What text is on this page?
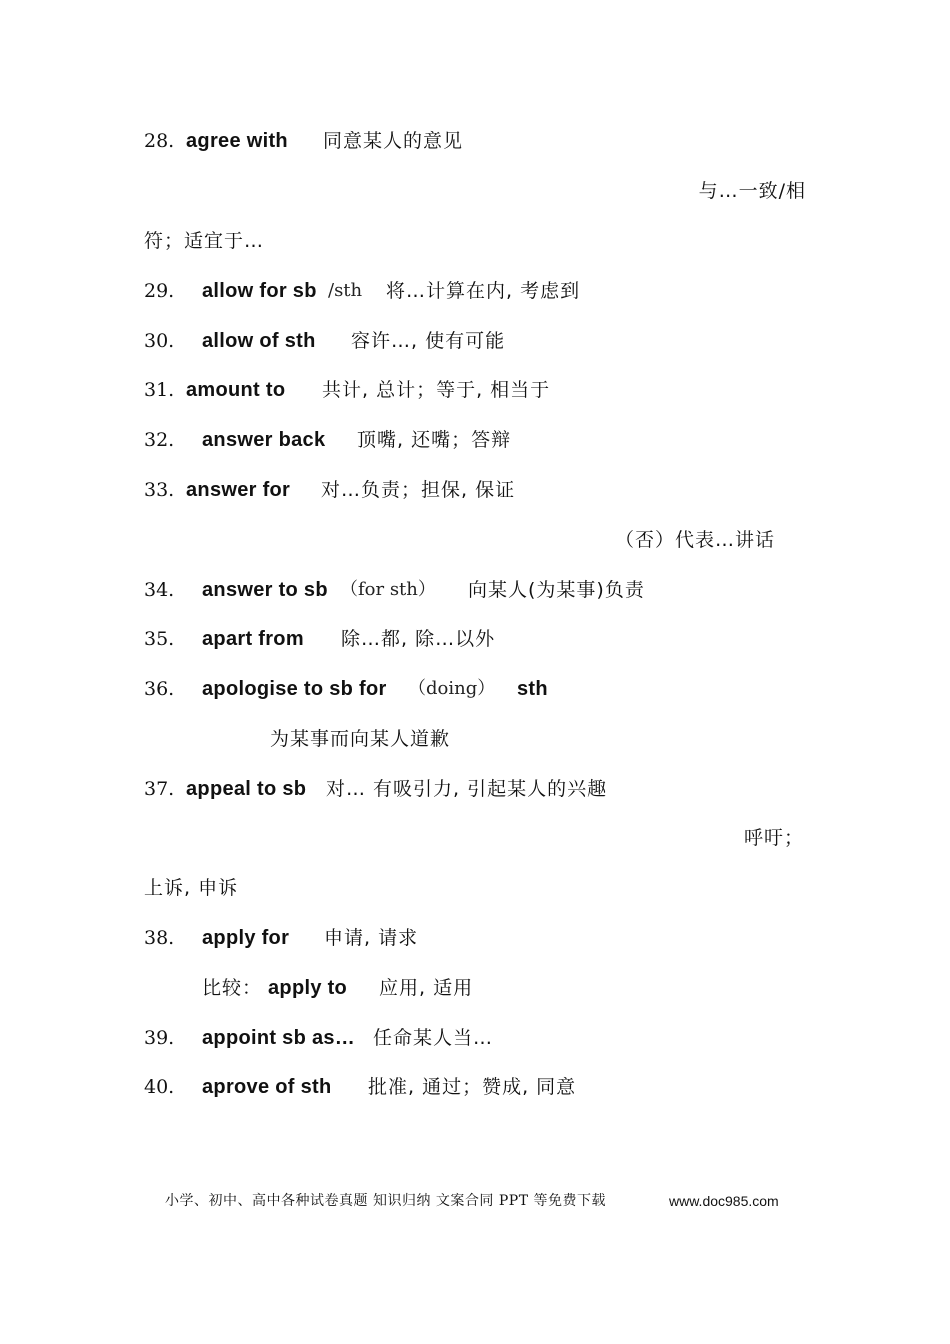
28. agree with 同意某人的意见
与…一致/相
符；适宜于…
29. allow for sb /sth 将…计算在内, 考虑到
30. allow of sth 容许…, 使有可能
31. amount to 共计, 总计；等于, 相当于
32. answer back 顶嘴, 还嘴；答辩
33. answer for 对…负责；担保, 保证
（否）代表…讲话
34. answer to sb （for sth） 向某人(为某事)负责
35. apart from 除…都, 除…以外
36. apologise to sb for （doing） sth
为某事而向某人道歉
37. appeal to sb 对… 有吸引力, 引起某人的兴趣
呼吁；
上诉, 申诉
38. apply for 申请, 请求
比较： apply to 应用, 适用
39. appoint sb as… 任命某人当…
40. aprove of sth 批准, 通过；赞成, 同意
小学、初中、高中各种试卷真题 知识归纳 文案合同 PPT 等免费下载	www.doc985.com
